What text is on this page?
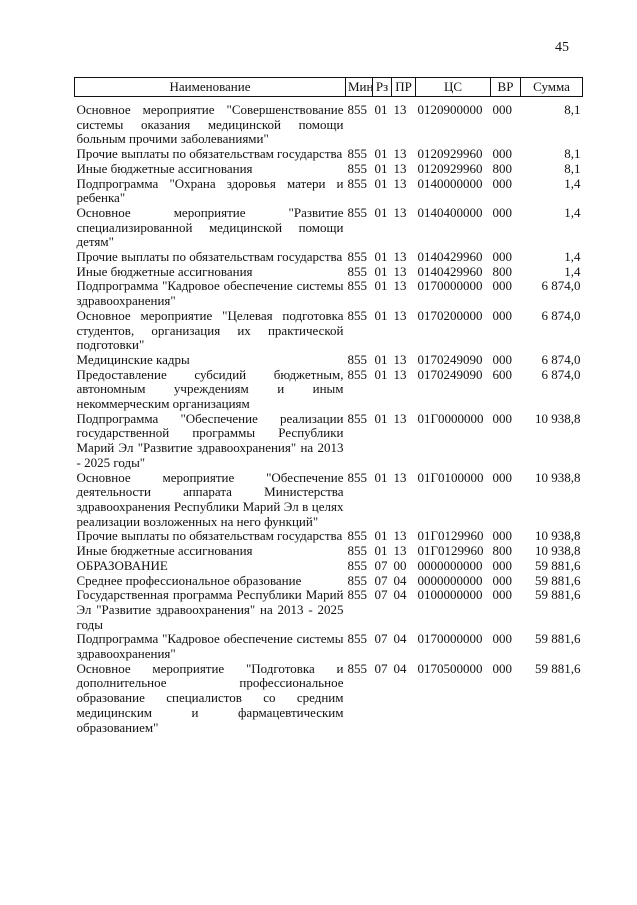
45
Наименование	Мин	Рз	ПР	ЦС	ВР	Сумма
Основное мероприятие "Совершенствование системы оказания медицинской помощи больным прочими заболеваниями"	855	01	13	0120900000	000	8,1
Прочие выплаты по обязательствам государства	855	01	13	0120929960	000	8,1
Иные бюджетные ассигнования	855	01	13	0120929960	800	8,1
Подпрограмма "Охрана здоровья матери и ребенка"	855	01	13	0140000000	000	1,4
Основное мероприятие "Развитие специализированной медицинской помощи детям"	855	01	13	0140400000	000	1,4
Прочие выплаты по обязательствам государства	855	01	13	0140429960	000	1,4
Иные бюджетные ассигнования	855	01	13	0140429960	800	1,4
Подпрограмма "Кадровое обеспечение системы здравоохранения"	855	01	13	0170000000	000	6 874,0
Основное мероприятие "Целевая подготовка студентов, организация их практической подготовки"	855	01	13	0170200000	000	6 874,0
Медицинские кадры	855	01	13	0170249090	000	6 874,0
Предоставление субсидий бюджетным, автономным учреждениям и иным некоммерческим организациям	855	01	13	0170249090	600	6 874,0
Подпрограмма "Обеспечение реализации государственной программы Республики Марий Эл "Развитие здравоохранения" на 2013 - 2025 годы"	855	01	13	01Г0000000	000	10 938,8
Основное мероприятие "Обеспечение деятельности аппарата Министерства здравоохранения Республики Марий Эл в целях реализации возложенных на него функций"	855	01	13	01Г0100000	000	10 938,8
Прочие выплаты по обязательствам государства	855	01	13	01Г0129960	000	10 938,8
Иные бюджетные ассигнования	855	01	13	01Г0129960	800	10 938,8
ОБРАЗОВАНИЕ	855	07	00	0000000000	000	59 881,6
Среднее профессиональное образование	855	07	04	0000000000	000	59 881,6
Государственная программа Республики Марий Эл "Развитие здравоохранения" на 2013 - 2025 годы	855	07	04	0100000000	000	59 881,6
Подпрограмма "Кадровое обеспечение системы здравоохранения"	855	07	04	0170000000	000	59 881,6
Основное мероприятие "Подготовка и дополнительное профессиональное образование специалистов со средним медицинским и фармацевтическим образованием"	855	07	04	0170500000	000	59 881,6
